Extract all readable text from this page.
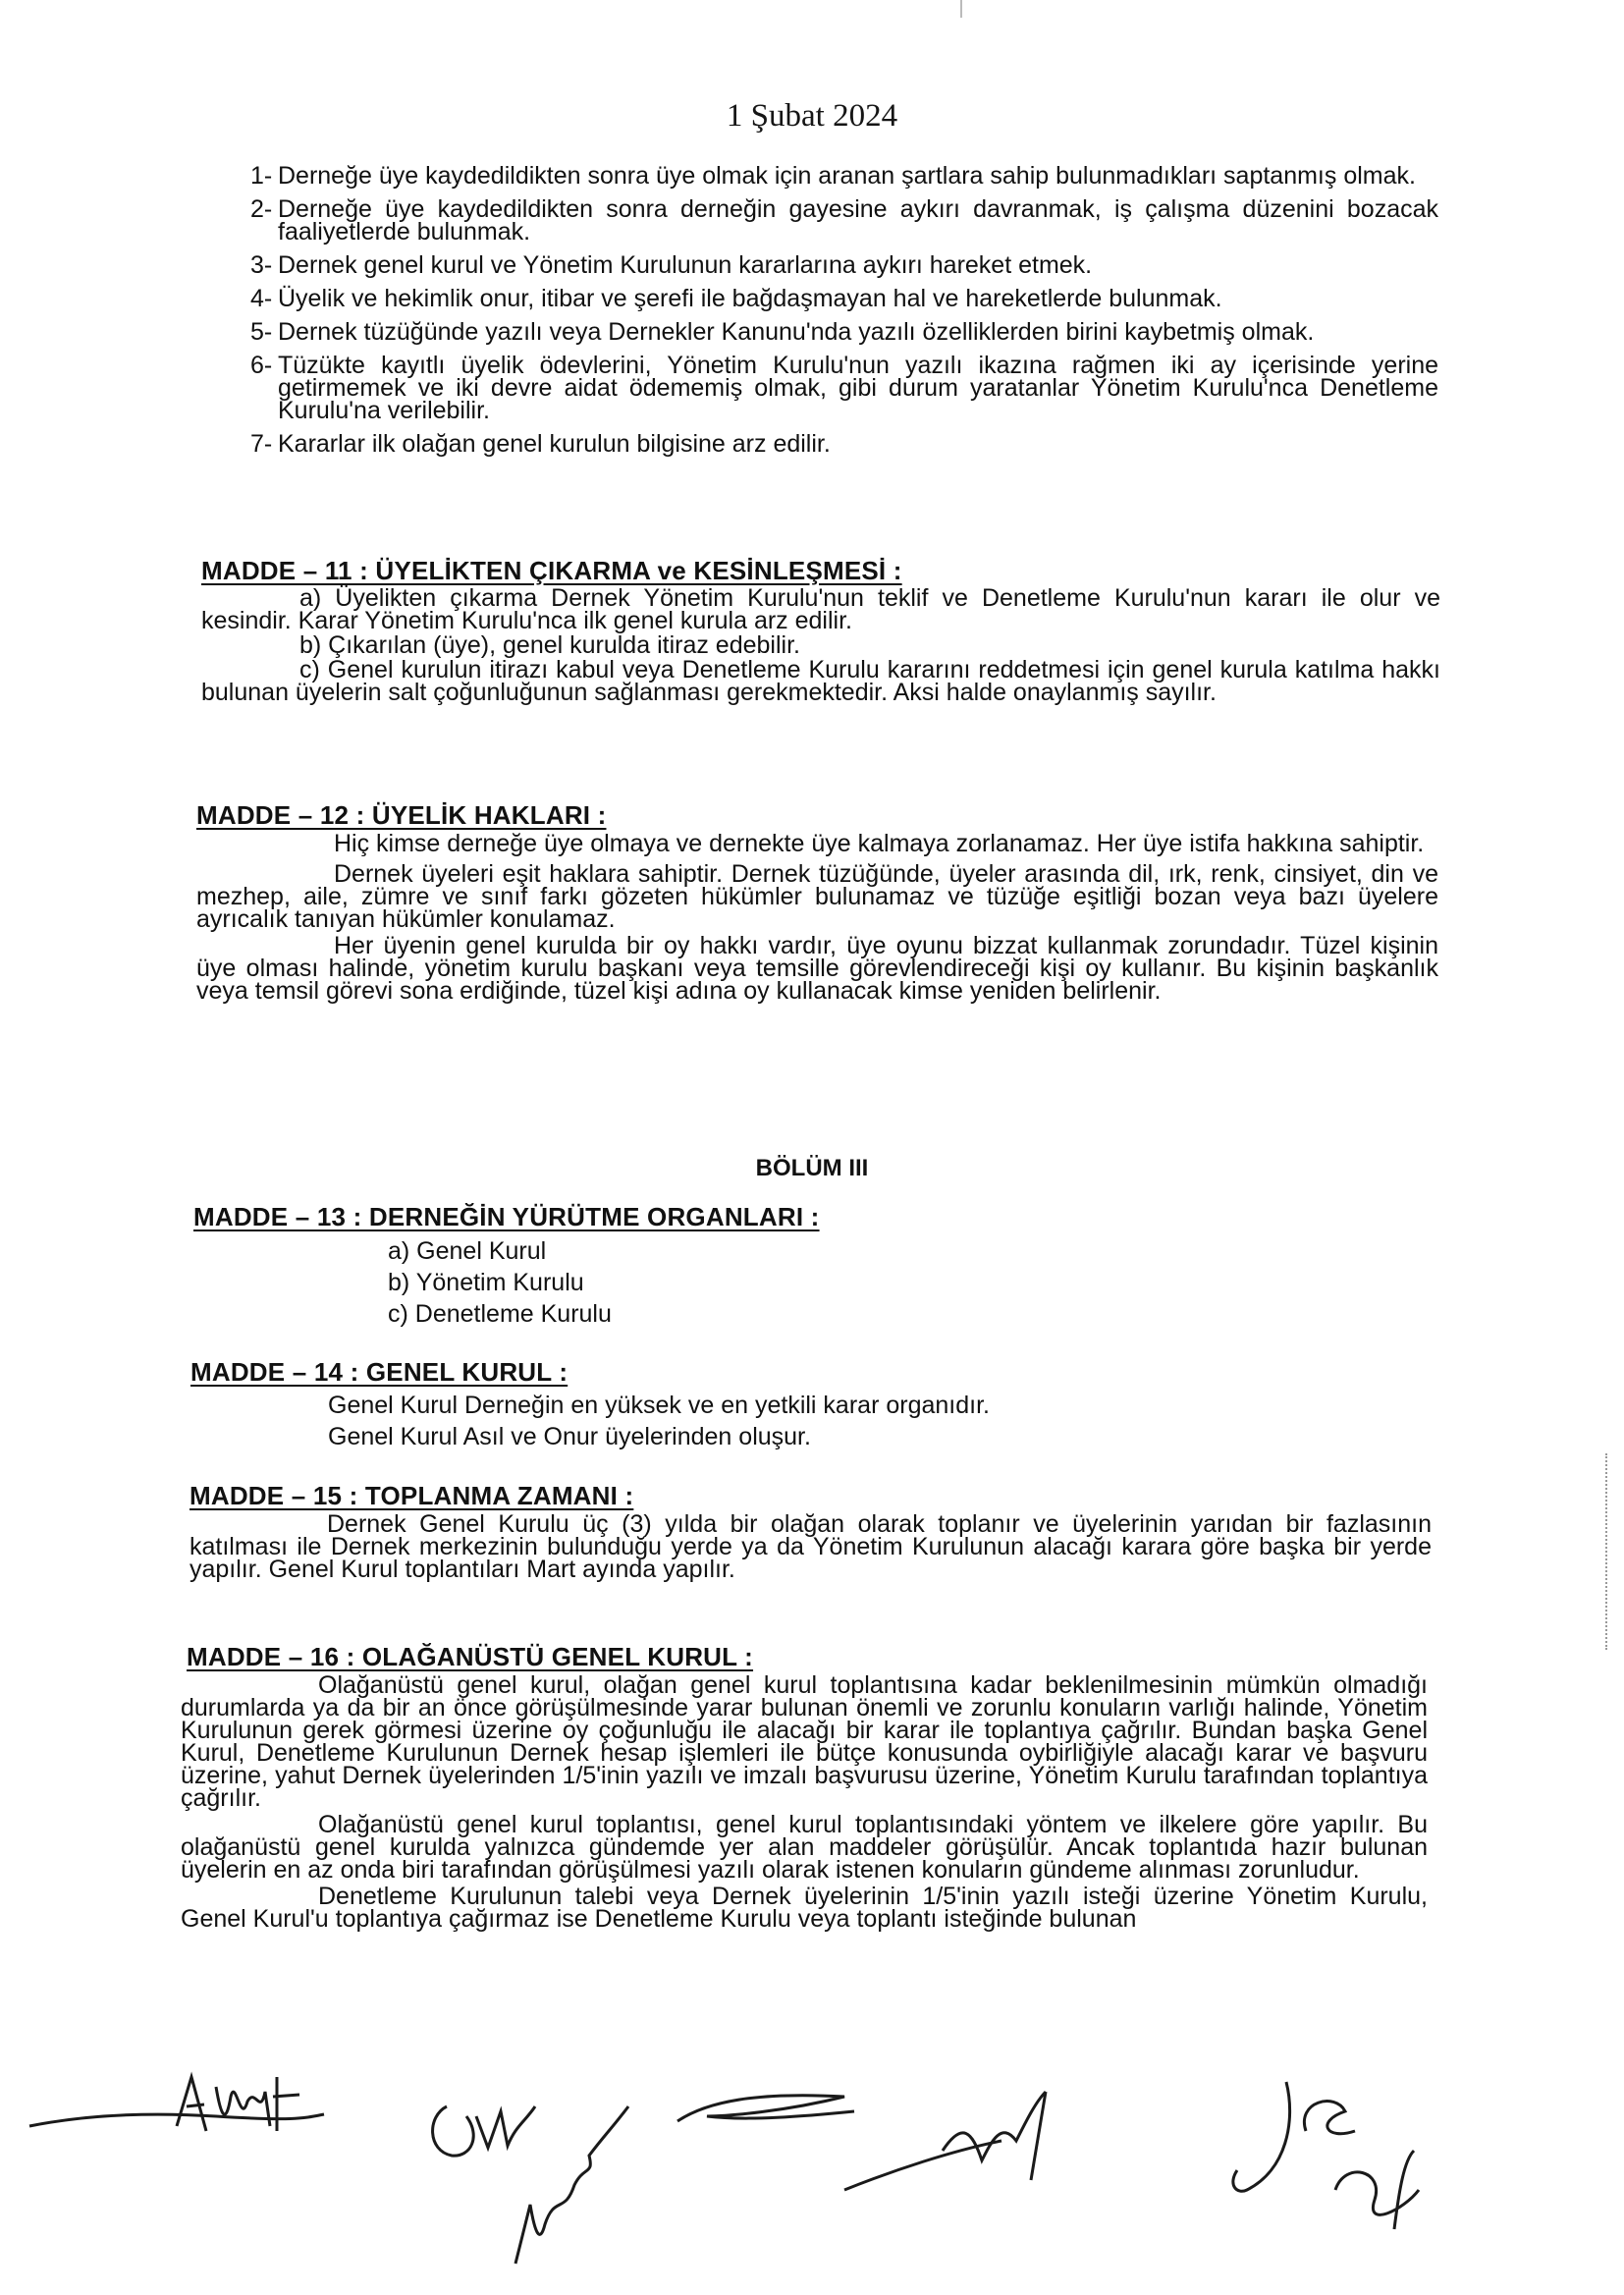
1 Şubat 2024
1- Derneğe üye kaydedildikten sonra üye olmak için aranan şartlara sahip bulunmadıkları saptanmış olmak.
2- Derneğe üye kaydedildikten sonra derneğin gayesine aykırı davranmak, iş çalışma düzenini bozacak faaliyetlerde bulunmak.
3- Dernek genel kurul ve Yönetim Kurulunun kararlarına aykırı hareket etmek.
4- Üyelik ve hekimlik onur, itibar ve şerefi ile bağdaşmayan hal ve hareketlerde bulunmak.
5- Dernek tüzüğünde yazılı veya Dernekler Kanunu'nda yazılı özelliklerden birini kaybetmiş olmak.
6- Tüzükte kayıtlı üyelik ödevlerini, Yönetim Kurulu'nun yazılı ikazına rağmen iki ay içerisinde yerine getirmemek ve iki devre aidat ödememiş olmak, gibi durum yaratanlar Yönetim Kurulu'nca Denetleme Kurulu'na verilebilir.
7- Kararlar ilk olağan genel kurulun bilgisine arz edilir.
MADDE – 11 : ÜYELİKTEN ÇIKARMA ve KESİNLEŞMESİ :
a) Üyelikten çıkarma Dernek Yönetim Kurulu'nun teklif ve Denetleme Kurulu'nun kararı ile olur ve kesindir. Karar Yönetim Kurulu'nca ilk genel kurula arz edilir.
b) Çıkarılan (üye), genel kurulda itiraz edebilir.
c) Genel kurulun itirazı kabul veya Denetleme Kurulu kararını reddetmesi için genel kurula katılma hakkı bulunan üyelerin salt çoğunluğunun sağlanması gerekmektedir. Aksi halde onaylanmış sayılır.
MADDE – 12 : ÜYELİK HAKLARI :
Hiç kimse derneğe üye olmaya ve dernekte üye kalmaya zorlanamaz. Her üye istifa hakkına sahiptir.
Dernek üyeleri eşit haklara sahiptir. Dernek tüzüğünde, üyeler arasında dil, ırk, renk, cinsiyet, din ve mezhep, aile, zümre ve sınıf farkı gözeten hükümler bulunamaz ve tüzüğe eşitliği bozan veya bazı üyelere ayrıcalık tanıyan hükümler konulamaz.
Her üyenin genel kurulda bir oy hakkı vardır, üye oyunu bizzat kullanmak zorundadır. Tüzel kişinin üye olması halinde, yönetim kurulu başkanı veya temsille görevlendireceği kişi oy kullanır. Bu kişinin başkanlık veya temsil görevi sona erdiğinde, tüzel kişi adına oy kullanacak kimse yeniden belirlenir.
BÖLÜM III
MADDE – 13 : DERNEĞİN YÜRÜTME ORGANLARI :
a) Genel Kurul
b) Yönetim Kurulu
c) Denetleme Kurulu
MADDE – 14 : GENEL KURUL :
Genel Kurul Derneğin en yüksek ve en yetkili karar organıdır.
Genel Kurul Asıl ve Onur üyelerinden oluşur.
MADDE – 15 : TOPLANMA ZAMANI :
Dernek Genel Kurulu üç (3) yılda bir olağan olarak toplanır ve üyelerinin yarıdan bir fazlasının katılması ile Dernek merkezinin bulunduğu yerde ya da Yönetim Kurulunun alacağı karara göre başka bir yerde yapılır. Genel Kurul toplantıları Mart ayında yapılır.
MADDE – 16 : OLAĞANÜSTÜ GENEL KURUL :
Olağanüstü genel kurul, olağan genel kurul toplantısına kadar beklenilmesinin mümkün olmadığı durumlarda ya da bir an önce görüşülmesinde yarar bulunan önemli ve zorunlu konuların varlığı halinde, Yönetim Kurulunun gerek görmesi üzerine oy çoğunluğu ile alacağı bir karar ile toplantıya çağrılır. Bundan başka Genel Kurul, Denetleme Kurulunun Dernek hesap işlemleri ile bütçe konusunda oybirliğiyle alacağı karar ve başvuru üzerine, yahut Dernek üyelerinden 1/5'inin yazılı ve imzalı başvurusu üzerine, Yönetim Kurulu tarafından toplantıya çağrılır.
Olağanüstü genel kurul toplantısı, genel kurul toplantısındaki yöntem ve ilkelere göre yapılır. Bu olağanüstü genel kurulda yalnızca gündemde yer alan maddeler görüşülür. Ancak toplantıda hazır bulunan üyelerin en az onda biri tarafından görüşülmesi yazılı olarak istenen konuların gündeme alınması zorunludur.
Denetleme Kurulunun talebi veya Dernek üyelerinin 1/5'inin yazılı isteği üzerine Yönetim Kurulu, Genel Kurul'u toplantıya çağırmaz ise Denetleme Kurulu veya toplantı isteğinde bulunan
